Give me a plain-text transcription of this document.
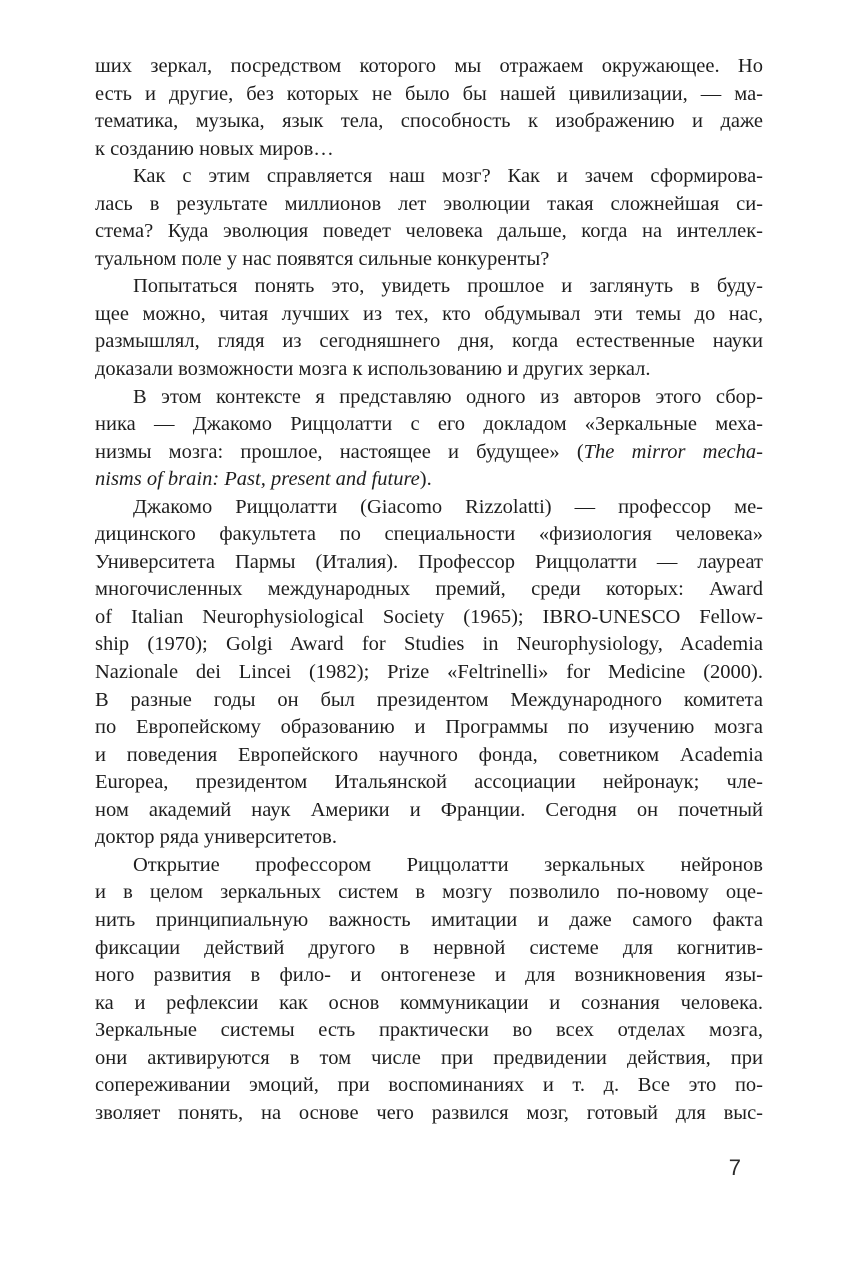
ших зеркал, посредством которого мы отражаем окружающее. Но
есть и другие, без которых не было бы нашей цивилизации, — ма-
тематика, музыка, язык тела, способность к изображению и даже
к созданию новых миров…
Как с этим справляется наш мозг? Как и зачем сформирова-
лась в результате миллионов лет эволюции такая сложнейшая си-
стема? Куда эволюция поведет человека дальше, когда на интеллек-
туальном поле у нас появятся сильные конкуренты?
Попытаться понять это, увидеть прошлое и заглянуть в буду-
щее можно, читая лучших из тех, кто обдумывал эти темы до нас,
размышлял, глядя из сегодняшнего дня, когда естественные науки
доказали возможности мозга к использованию и других зеркал.
В этом контексте я представляю одного из авторов этого сбор-
ника — Джакомо Риццолатти с его докладом «Зеркальные меха-
низмы мозга: прошлое, настоящее и будущее» (The mirror mecha-
nisms of brain: Past, present and future).
Джакомо Риццолатти (Giacomo Rizzolatti) — профессор ме-
дицинского факультета по специальности «физиология человека»
Университета Пармы (Италия). Профессор Риццолатти — лауреат
многочисленных международных премий, среди которых: Award
of Italian Neurophysiological Society (1965); IBRO-UNESCO Fellow-
ship (1970); Golgi Award for Studies in Neurophysiology, Academia
Nazionale dei Lincei (1982); Prize «Feltrinelli» for Medicine (2000).
В разные годы он был президентом Международного комитета
по Европейскому образованию и Программы по изучению мозга
и поведения Европейского научного фонда, советником Academia
Europea, президентом Итальянской ассоциации нейронаук; чле-
ном академий наук Америки и Франции. Сегодня он почетный
доктор ряда университетов.
Открытие профессором Риццолатти зеркальных нейронов
и в целом зеркальных систем в мозгу позволило по-новому оце-
нить принципиальную важность имитации и даже самого факта
фиксации действий другого в нервной системе для когнитив-
ного развития в фило- и онтогенезе и для возникновения язы-
ка и рефлексии как основ коммуникации и сознания человека.
Зеркальные системы есть практически во всех отделах мозга,
они активируются в том числе при предвидении действия, при
сопереживании эмоций, при воспоминаниях и т. д. Все это по-
зволяет понять, на основе чего развился мозг, готовый для выс-
7
